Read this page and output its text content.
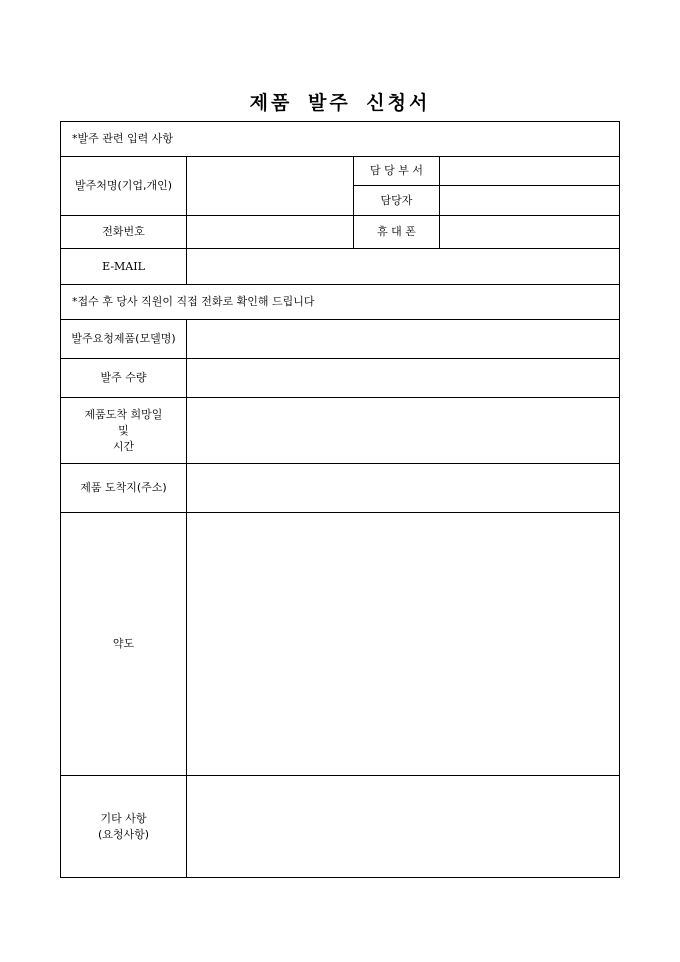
제품 발주 신청서
*발주 관련 입력 사항
발주처명(기업,개인)
담 당 부 서
담당자
전화번호	휴 대 폰
E-MAIL
*접수 후 당사 직원이 직접 전화로 확인해 드립니다
발주요청제품(모델명)
발주 수량
제품도착 희망일
및
시간
제품 도착지(주소)
약도
기타 사항
(요청사항)
